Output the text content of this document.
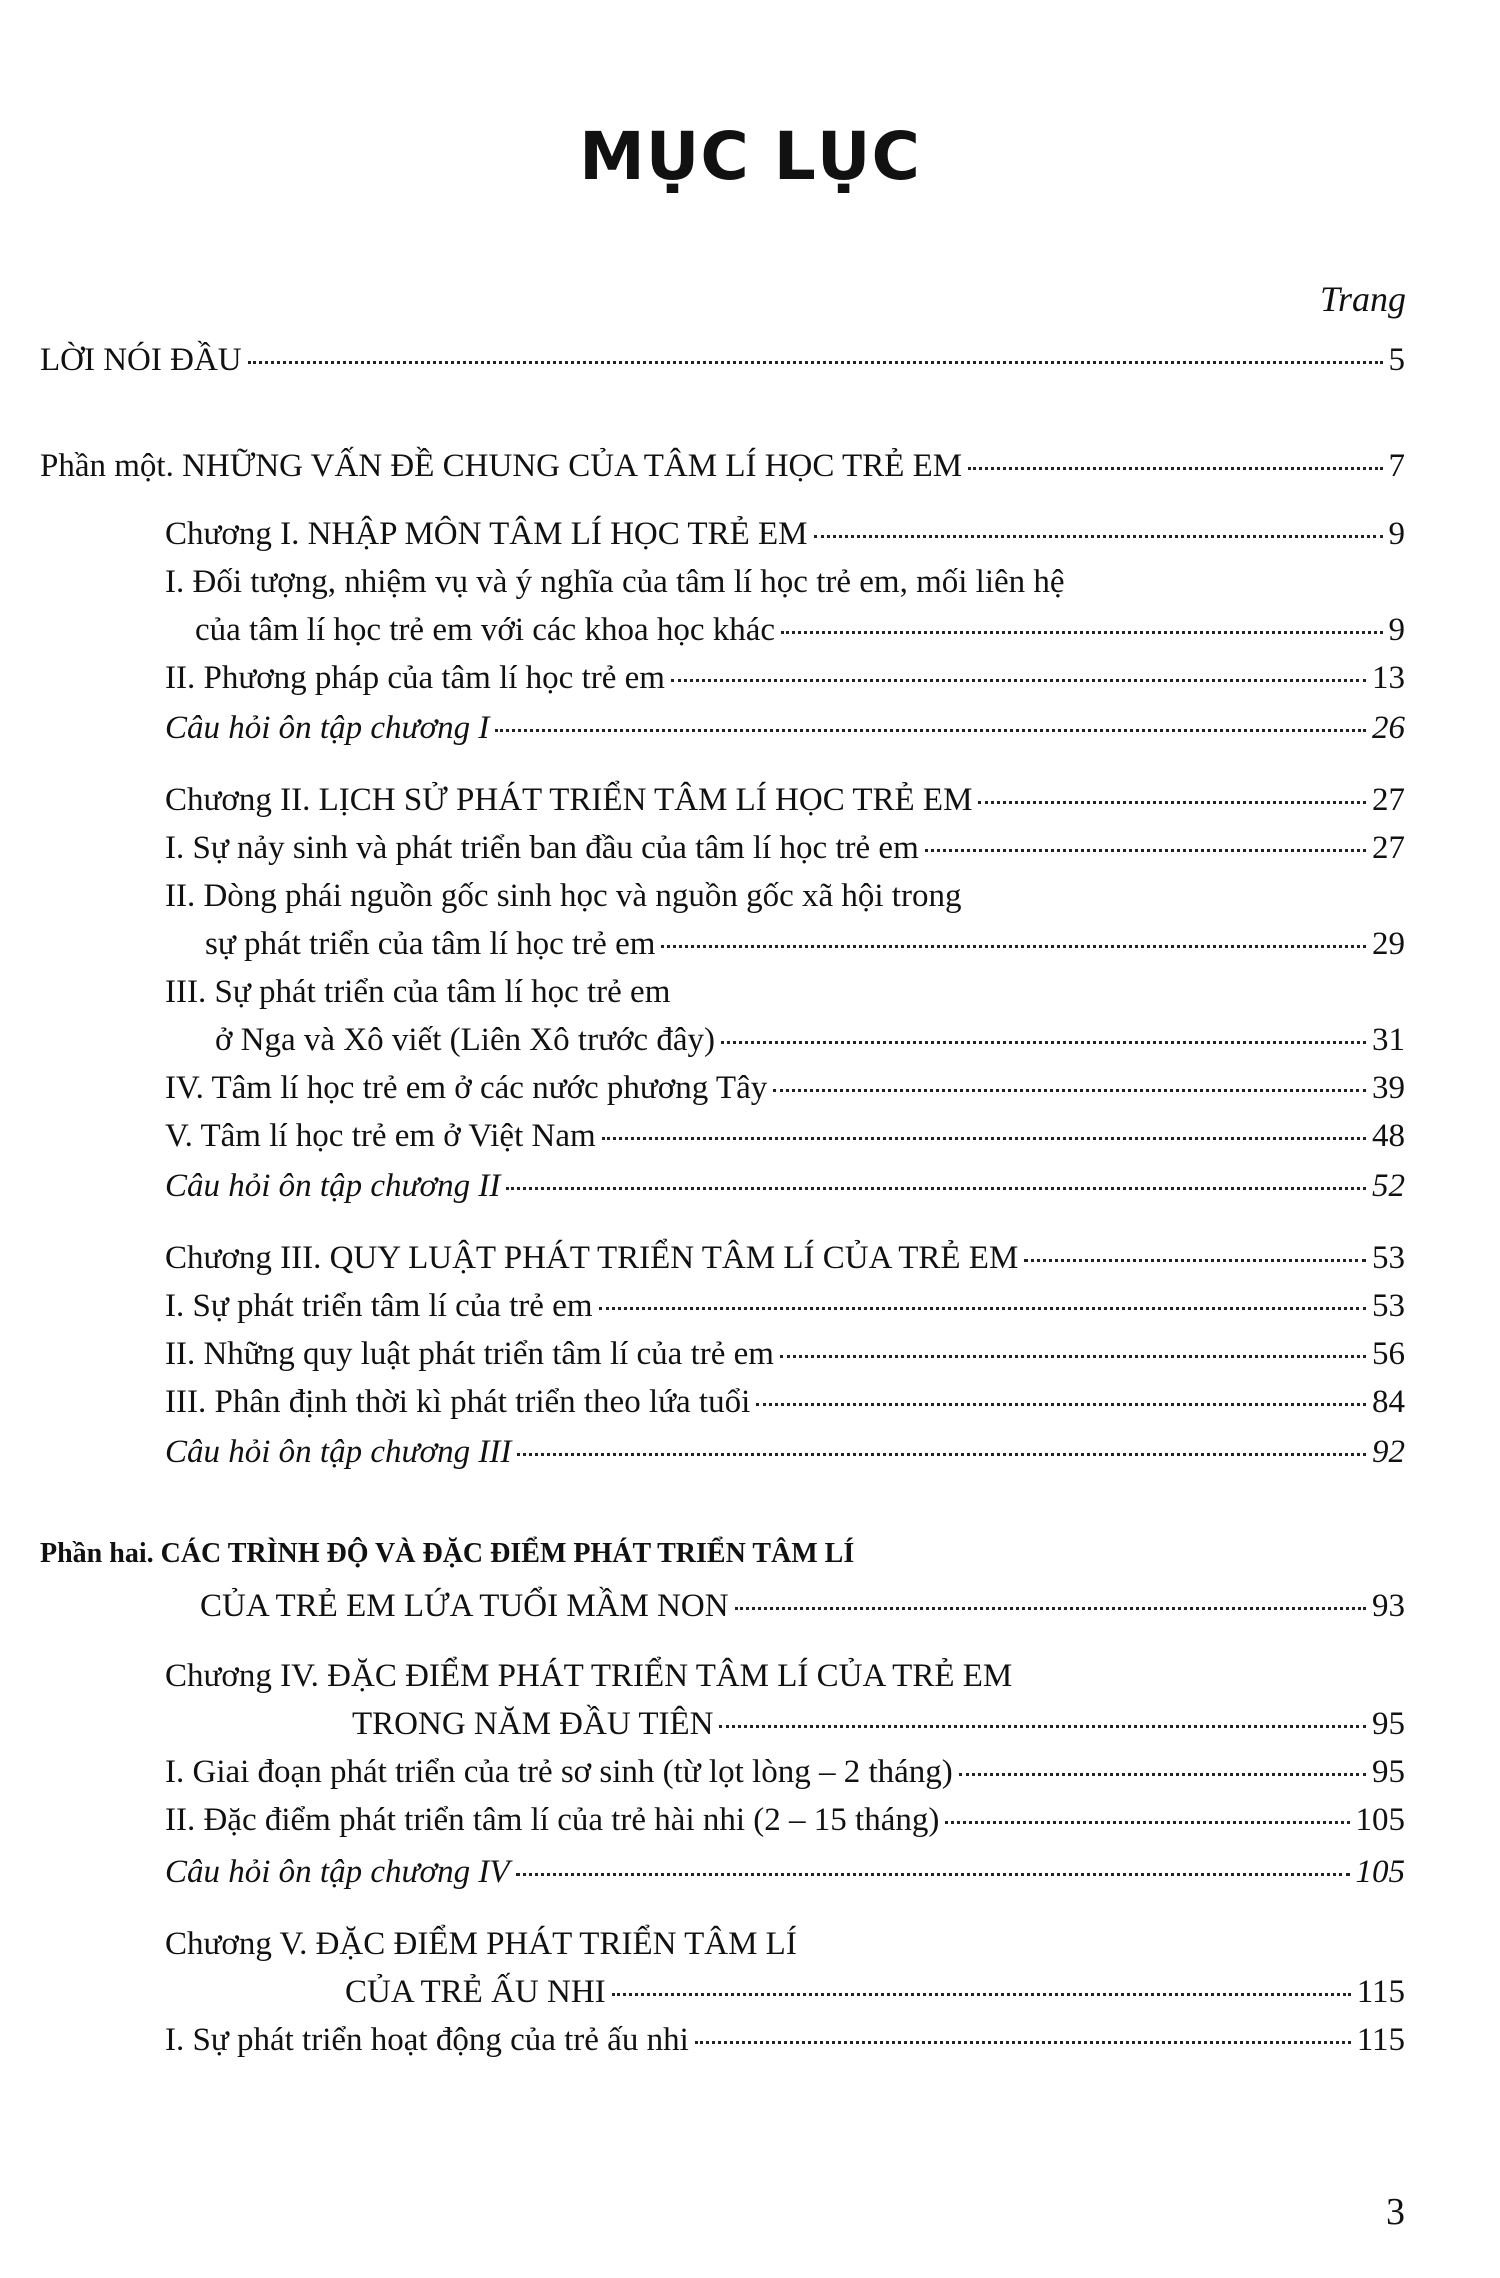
MỤC LỤC
Trang
LỜI NÓI ĐẦU	5
Phần một. NHỮNG VẤN ĐỀ CHUNG CỦA TÂM LÍ HỌC TRẺ EM	7
Chương I. NHẬP MÔN TÂM LÍ HỌC TRẺ EM	9
I. Đối tượng, nhiệm vụ và ý nghĩa của tâm lí học trẻ em, mối liên hệ
của tâm lí học trẻ em với các khoa học khác	9
II. Phương pháp của tâm lí học trẻ em	13
Câu hỏi ôn tập chương I	26
Chương II. LỊCH SỬ PHÁT TRIỂN TÂM LÍ HỌC TRẺ EM	27
I. Sự nảy sinh và phát triển ban đầu của tâm lí học trẻ em	27
II. Dòng phái nguồn gốc sinh học và nguồn gốc xã hội trong
sự phát triển của tâm lí học trẻ em	29
III. Sự phát triển của tâm lí học trẻ em
ở Nga và Xô viết (Liên Xô trước đây)	31
IV. Tâm lí học trẻ em ở các nước phương Tây	39
V. Tâm lí học trẻ em ở Việt Nam	48
Câu hỏi ôn tập chương II	52
Chương III. QUY LUẬT PHÁT TRIỂN TÂM LÍ CỦA TRẺ EM	53
I. Sự phát triển tâm lí của trẻ em	53
II. Những quy luật phát triển tâm lí của trẻ em	56
III. Phân định thời kì phát triển theo lứa tuổi	84
Câu hỏi ôn tập chương III	92
Phần hai. CÁC TRÌNH ĐỘ VÀ ĐẶC ĐIỂM PHÁT TRIỂN TÂM LÍ
CỦA TRẺ EM LỨA TUỔI MẦM NON	93
Chương IV. ĐẶC ĐIỂM PHÁT TRIỂN TÂM LÍ CỦA TRẺ EM
TRONG NĂM ĐẦU TIÊN	95
I. Giai đoạn phát triển của trẻ sơ sinh (từ lọt lòng – 2 tháng)	95
II. Đặc điểm phát triển tâm lí của trẻ hài nhi (2 – 15 tháng)	105
Câu hỏi ôn tập chương IV	105
Chương V. ĐẶC ĐIỂM PHÁT TRIỂN TÂM LÍ
CỦA TRẺ ẤU NHI	115
I. Sự phát triển hoạt động của trẻ ấu nhi	115
3
